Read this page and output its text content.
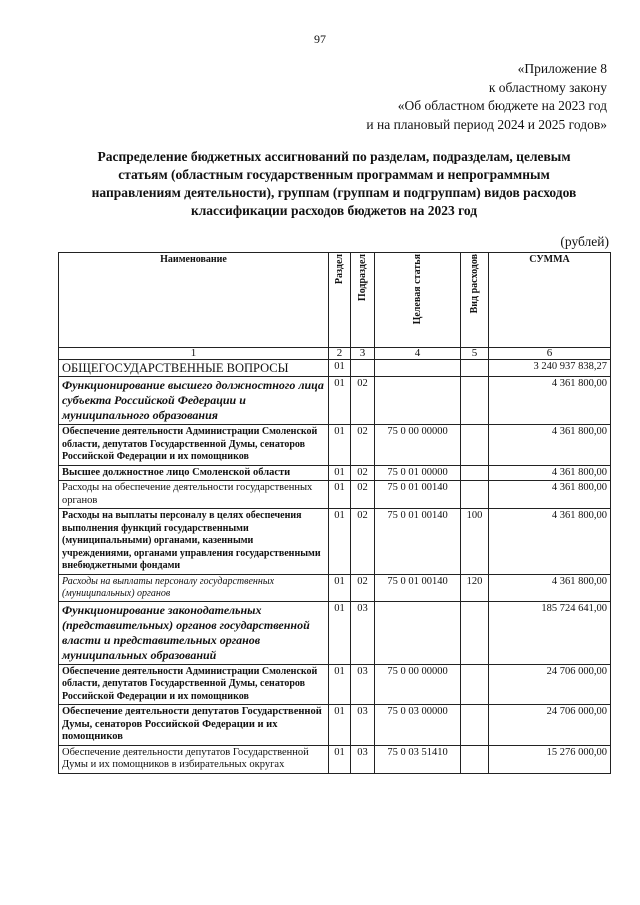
97
«Приложение 8
к областному закону
«Об областном бюджете на 2023 год
и на плановый период 2024 и 2025 годов»
Распределение бюджетных ассигнований по разделам, подразделам, целевым
статьям (областным государственным программам и непрограммным
направлениям деятельности), группам (группам и подгруппам) видов расходов
классификации расходов бюджетов на 2023 год
(рублей)
Наименование	Раздел	Подраздел	Целевая статья	Вид расходов	СУММА
1	2	3	4	5	6
ОБЩЕГОСУДАРСТВЕННЫЕ ВОПРОСЫ	01				3 240 937 838,27
Функционирование высшего должностного лица субъекта Российской Федерации и муниципального образования	01	02			4 361 800,00
Обеспечение деятельности Администрации Смоленской области, депутатов Государственной Думы, сенаторов Российской Федерации и их помощников	01	02	75 0 00 00000		4 361 800,00
Высшее должностное лицо Смоленской области	01	02	75 0 01 00000		4 361 800,00
Расходы на обеспечение деятельности государственных органов	01	02	75 0 01 00140		4 361 800,00
Расходы на выплаты персоналу в целях обеспечения выполнения функций государственными (муниципальными) органами, казенными учреждениями, органами управления государственными внебюджетными фондами	01	02	75 0 01 00140	100	4 361 800,00
Расходы на выплаты персоналу государственных (муниципальных) органов	01	02	75 0 01 00140	120	4 361 800,00
Функционирование законодательных (представительных) органов государственной власти и представительных органов муниципальных образований	01	03			185 724 641,00
Обеспечение деятельности Администрации Смоленской области, депутатов Государственной Думы, сенаторов Российской Федерации и их помощников	01	03	75 0 00 00000		24 706 000,00
Обеспечение деятельности депутатов Государственной Думы, сенаторов Российской Федерации и их помощников	01	03	75 0 03 00000		24 706 000,00
Обеспечение деятельности депутатов Государственной Думы и их помощников в избирательных округах	01	03	75 0 03 51410		15 276 000,00
